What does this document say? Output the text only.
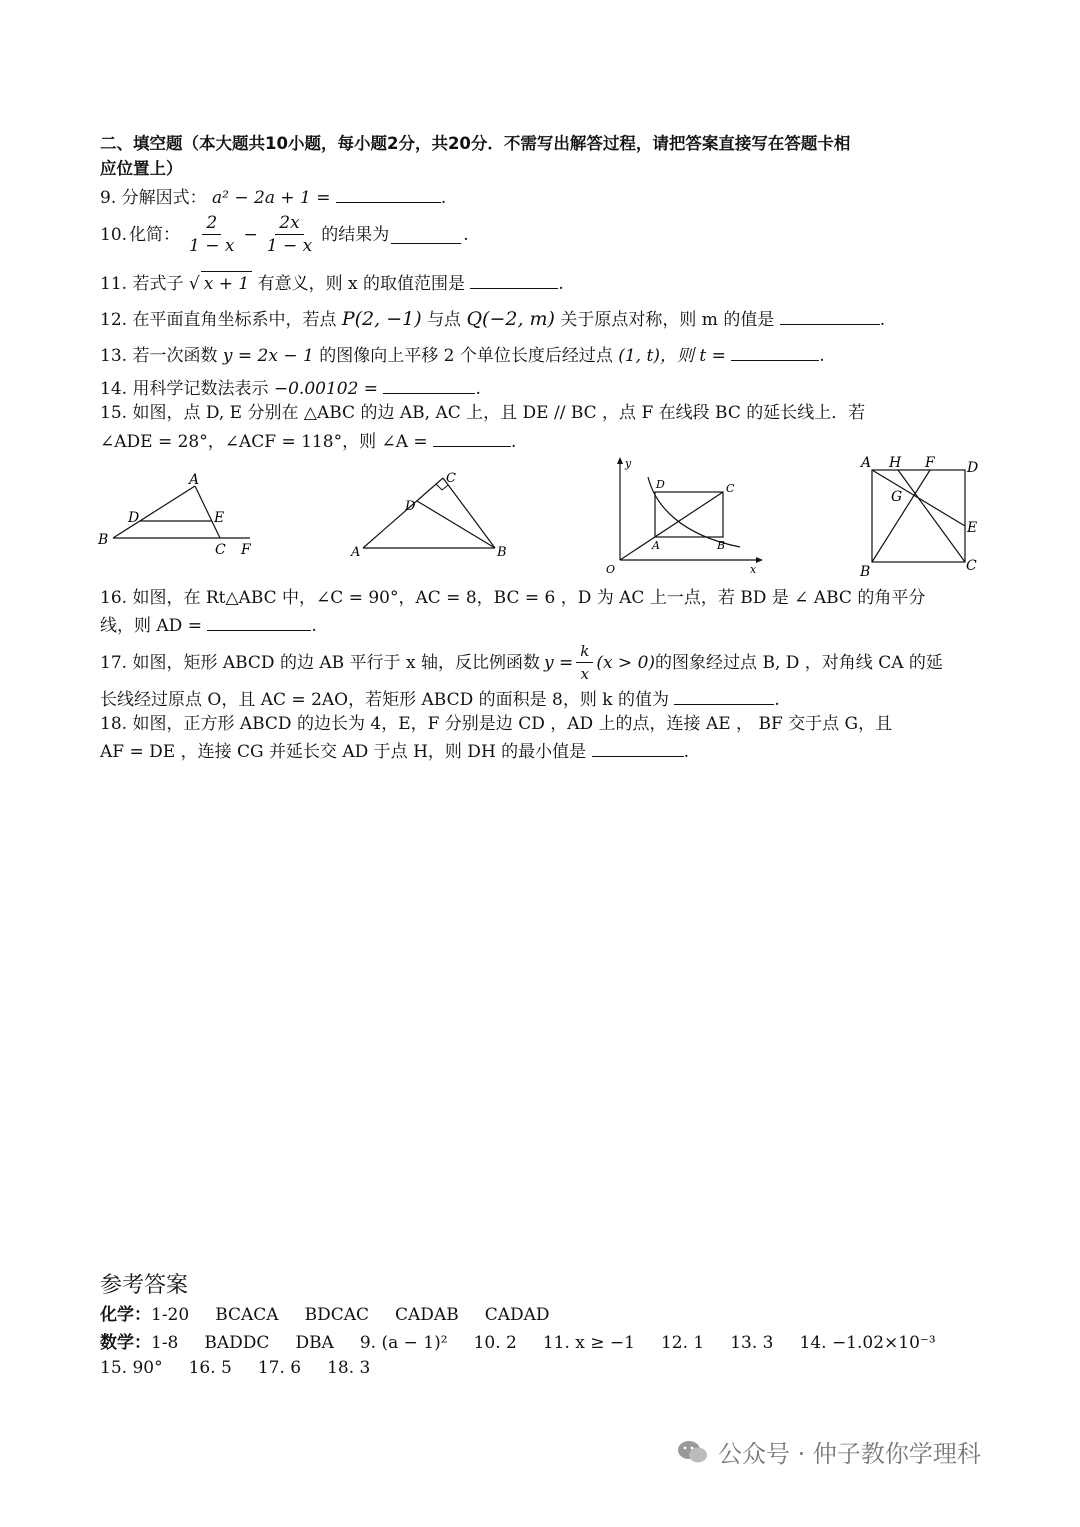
二、填空题（本大题共10小题，每小题2分，共20分．不需写出解答过程，请把答案直接写在答题卡相
应位置上）
9. 分解因式： a² − 2a + 1 =	.
10. 化简： $\frac{2}{1 - x} - \frac{2x}{1 - x}$ 的结果为	.
11. 若式子 √ x + 1 有意义，则 x 的取值范围是	.
12. 在平面直角坐标系中，若点 P(2, −1) 与点 Q(−2, m) 关于原点对称，则 m 的值是	.
13. 若一次函数 y = 2x − 1 的图像向上平移 2 个单位长度后经过点 (1, t)，则 t =	.
14. 用科学记数法表示 −0.00102 =	.
15. 如图，点 D, E 分别在 △ABC 的边 AB, AC 上，且 DE // BC ，点 F 在线段 BC 的延长线上．若
∠ADE = 28°，∠ACF = 118°，则 ∠A =	.
A
B
C
D	E
F
C
D
A	B
y
x
O
A	B
C
D
A H F D
G
E
B	C
16. 如图，在 Rt△ABC 中，∠C = 90°，AC = 8，BC = 6 ，D 为 AC 上一点，若 BD 是 ∠ ABC 的角平分
线，则 AD =	.
17. 如图，矩形 ABCD 的边 AB 平行于 x 轴，反比例函数 $y = \frac{k}{x} (x > 0)$ 的图象经过点 B, D ，对角线 CA 的延
长线经过原点 O，且 AC = 2AO，若矩形 ABCD 的面积是 8，则 k 的值为	.
18. 如图，正方形 ABCD 的边长为 4，E，F 分别是边 CD ，AD 上的点，连接 AE ， BF 交于点 G，且
AF = DE ，连接 CG 并延长交 AD 于点 H，则 DH 的最小值是	.
参考答案
化学：1-20 BCACA BDCAC CADAB CADAD
数学：1-8 BADDC DBA 9. (a − 1)² 10. 2 11. x ≥ −1 12. 1 13. 3 14. −1.02×10⁻³
15. 90° 16. 5 17. 6 18. 3
公众号 · 仲子教你学理科
